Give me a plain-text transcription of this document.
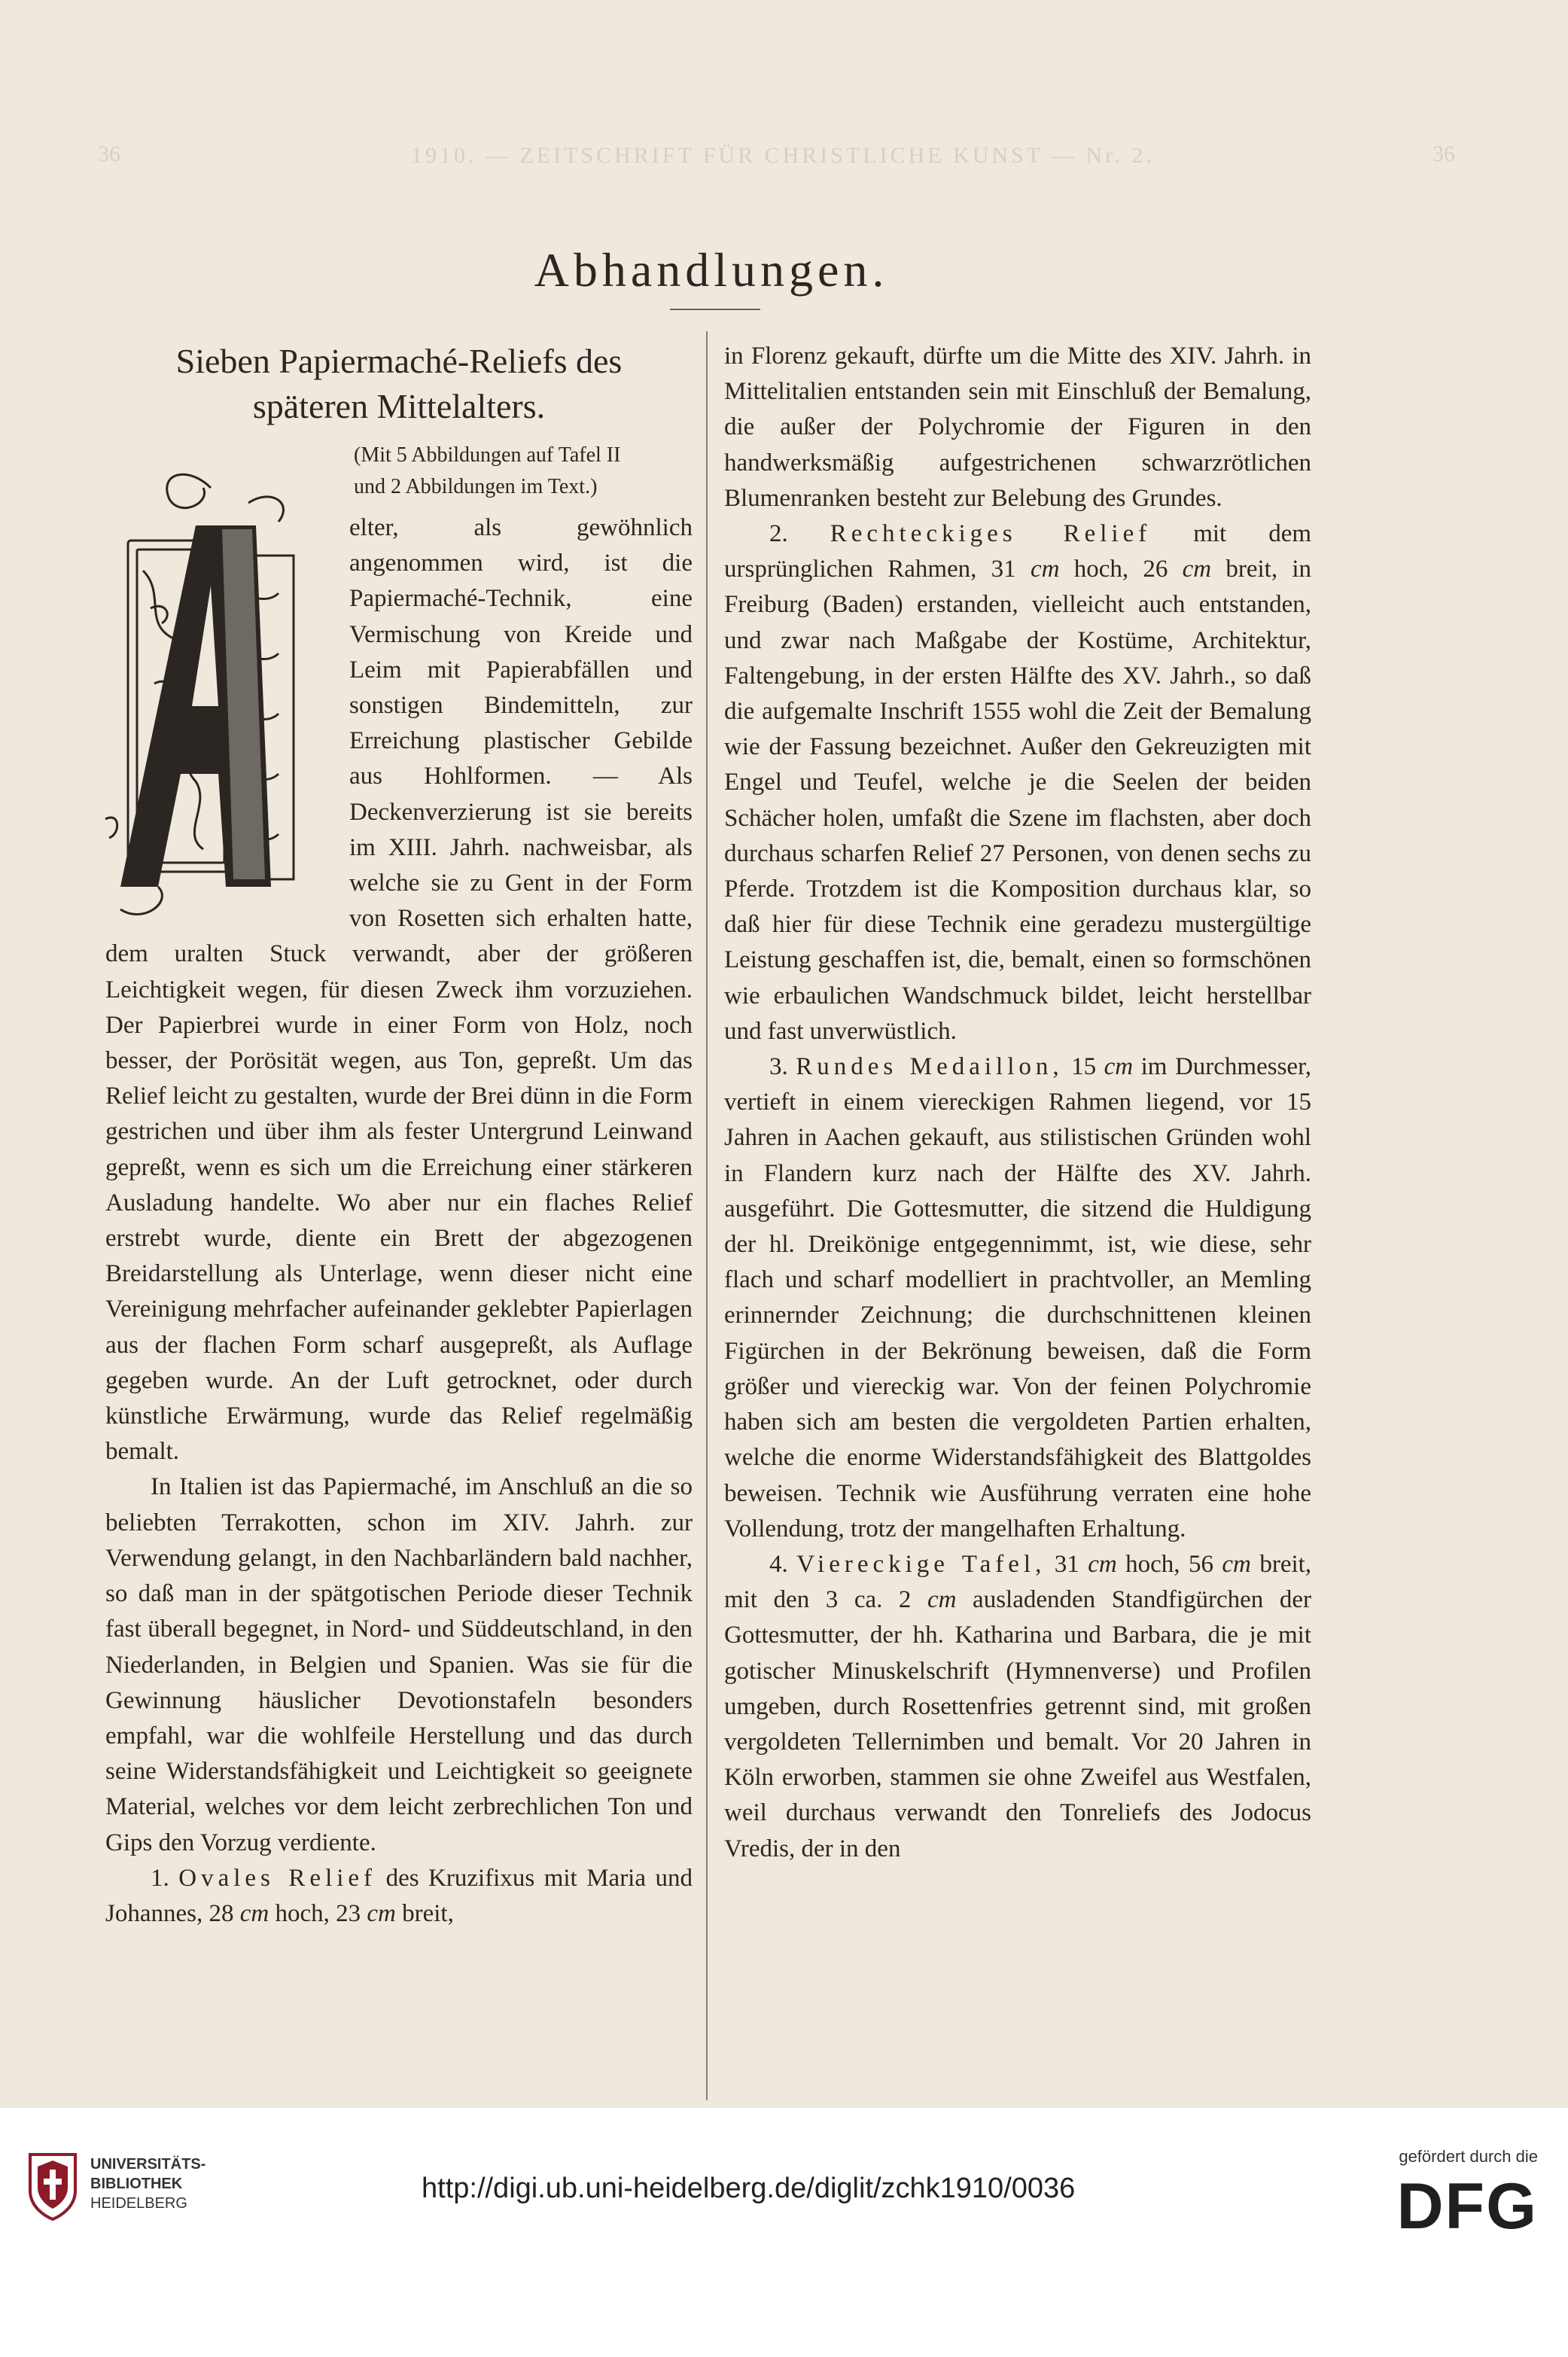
36	1910. — ZEITSCHRIFT FÜR CHRISTLICHE KUNST — Nr. 2.	36
Abhandlungen.
Sieben Papiermaché-Reliefs des
späteren Mittelalters.
(Mit 5 Abbildungen auf Tafel II
und 2 Abbildungen im Text.)

elter, als gewöhnlich angenommen wird, ist die Papiermaché-Technik, eine Vermischung von Kreide und Leim mit Papierabfällen und sonstigen Bindemitteln, zur Erreichung plastischer Gebilde aus Hohlformen. — Als Deckenverzierung ist sie bereits im XIII. Jahrh. nachweisbar, als welche sie zu Gent in der Form von Rosetten sich erhalten hatte, dem uralten Stuck verwandt, aber der größeren Leichtigkeit wegen, für diesen Zweck ihm vorzuziehen. Der Papierbrei wurde in einer Form von Holz, noch besser, der Porösität wegen, aus Ton, gepreßt. Um das Relief leicht zu gestalten, wurde der Brei dünn in die Form gestrichen und über ihm als fester Untergrund Leinwand gepreßt, wenn es sich um die Erreichung einer stärkeren Ausladung handelte. Wo aber nur ein flaches Relief erstrebt wurde, diente ein Brett der abgezogenen Breidarstellung als Unterlage, wenn dieser nicht eine Vereinigung mehrfacher aufeinander geklebter Papierlagen aus der flachen Form scharf ausgepreßt, als Auflage gegeben wurde. An der Luft getrocknet, oder durch künstliche Erwärmung, wurde das Relief regelmäßig bemalt.

In Italien ist das Papiermaché, im Anschluß an die so beliebten Terrakotten, schon im XIV. Jahrh. zur Verwendung gelangt, in den Nachbarländern bald nachher, so daß man in der spätgotischen Periode dieser Technik fast überall begegnet, in Nord- und Süddeutschland, in den Niederlanden, in Belgien und Spanien. Was sie für die Gewinnung häuslicher Devotionstafeln besonders empfahl, war die wohlfeile Herstellung und das durch seine Widerstandsfähigkeit und Leichtigkeit so geeignete Material, welches vor dem leicht zerbrechlichen Ton und Gips den Vorzug verdiente.

1. Ovales Relief des Kruzifixus mit Maria und Johannes, 28 cm hoch, 23 cm breit,

in Florenz gekauft, dürfte um die Mitte des XIV. Jahrh. in Mittelitalien entstanden sein mit Einschluß der Bemalung, die außer der Polychromie der Figuren in den handwerksmäßig aufgestrichenen schwarzrötlichen Blumenranken besteht zur Belebung des Grundes.

2. Rechteckiges Relief mit dem ursprünglichen Rahmen, 31 cm hoch, 26 cm breit, in Freiburg (Baden) erstanden, vielleicht auch entstanden, und zwar nach Maßgabe der Kostüme, Architektur, Faltengebung, in der ersten Hälfte des XV. Jahrh., so daß die aufgemalte Inschrift 1555 wohl die Zeit der Bemalung wie der Fassung bezeichnet. Außer den Gekreuzigten mit Engel und Teufel, welche je die Seelen der beiden Schächer holen, umfaßt die Szene im flachsten, aber doch durchaus scharfen Relief 27 Personen, von denen sechs zu Pferde. Trotzdem ist die Komposition durchaus klar, so daß hier für diese Technik eine geradezu mustergültige Leistung geschaffen ist, die, bemalt, einen so formschönen wie erbaulichen Wandschmuck bildet, leicht herstellbar und fast unverwüstlich.

3. Rundes Medaillon, 15 cm im Durchmesser, vertieft in einem viereckigen Rahmen liegend, vor 15 Jahren in Aachen gekauft, aus stilistischen Gründen wohl in Flandern kurz nach der Hälfte des XV. Jahrh. ausgeführt. Die Gottesmutter, die sitzend die Huldigung der hl. Dreikönige entgegennimmt, ist, wie diese, sehr flach und scharf modelliert in prachtvoller, an Memling erinnernder Zeichnung; die durchschnittenen kleinen Figürchen in der Bekrönung beweisen, daß die Form größer und viereckig war. Von der feinen Polychromie haben sich am besten die vergoldeten Partien erhalten, welche die enorme Widerstandsfähigkeit des Blattgoldes beweisen. Technik wie Ausführung verraten eine hohe Vollendung, trotz der mangelhaften Erhaltung.

4. Viereckige Tafel, 31 cm hoch, 56 cm breit, mit den 3 ca. 2 cm ausladenden Standfigürchen der Gottesmutter, der hh. Katharina und Barbara, die je mit gotischer Minuskelschrift (Hymnenverse) und Profilen umgeben, durch Rosettenfries getrennt sind, mit großen vergoldeten Tellernimben und bemalt. Vor 20 Jahren in Köln erworben, stammen sie ohne Zweifel aus Westfalen, weil durchaus verwandt den Tonreliefs des Jodocus Vredis, der in den

UNIVERSITÄTS-
BIBLIOTHEK
HEIDELBERG	http://digi.ub.uni-heidelberg.de/diglit/zchk1910/0036
gefördert durch die
DFG
